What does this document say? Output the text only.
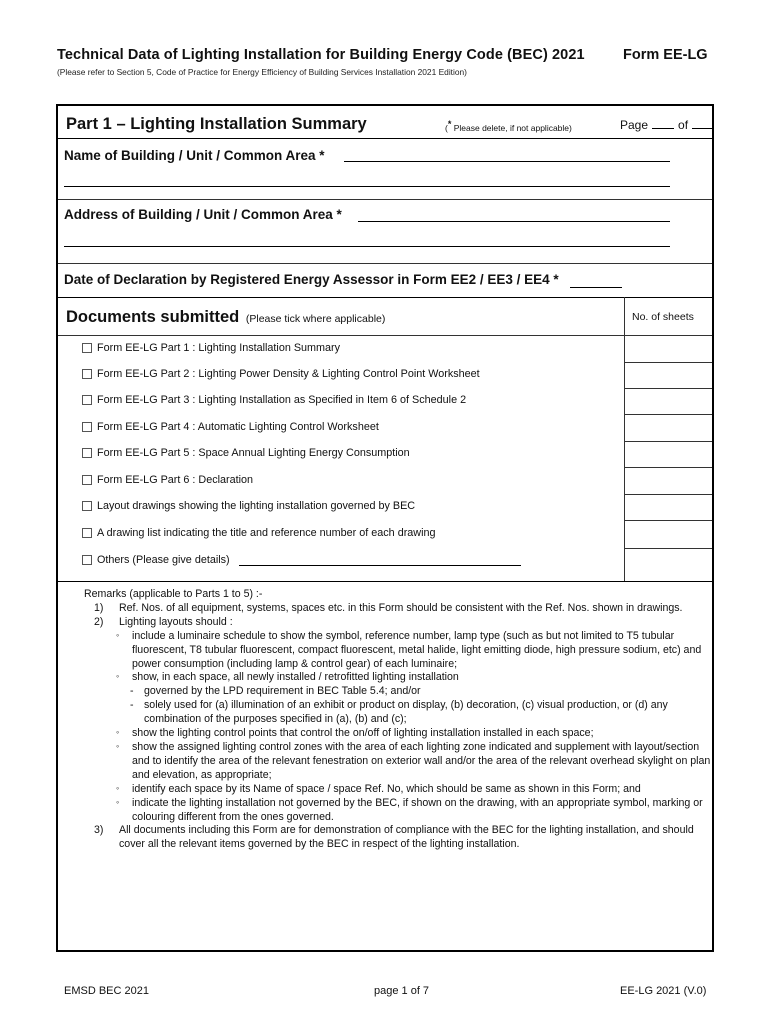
Technical Data of Lighting Installation for Building Energy Code (BEC) 2021	Form EE-LG
(Please refer to Section 5, Code of Practice for Energy Efficiency of Building Services Installation 2021 Edition)
Part 1 – Lighting Installation Summary	(* Please delete, if not applicable)	Page	of
Name of Building / Unit / Common Area *
Address of Building / Unit / Common Area *
Date of Declaration by Registered Energy Assessor in Form EE2 / EE3 / EE4 *
Documents submitted (Please tick where applicable)	No. of sheets
Form EE-LG Part 1 : Lighting Installation Summary
Form EE-LG Part 2 : Lighting Power Density & Lighting Control Point Worksheet
Form EE-LG Part 3 : Lighting Installation as Specified in Item 6 of Schedule 2
Form EE-LG Part 4 : Automatic Lighting Control Worksheet
Form EE-LG Part 5 : Space Annual Lighting Energy Consumption
Form EE-LG Part 6 : Declaration
Layout drawings showing the lighting installation governed by BEC
A drawing list indicating the title and reference number of each drawing
Others (Please give details)
Remarks (applicable to Parts 1 to 5) :-
1) Ref. Nos. of all equipment, systems, spaces etc. in this Form should be consistent with the Ref. Nos. shown in drawings.
2) Lighting layouts should :
◦ include a luminaire schedule to show the symbol, reference number, lamp type (such as but not limited to T5 tubular fluorescent, T8 tubular fluorescent, compact fluorescent, metal halide, light emitting diode, high pressure sodium, etc) and power consumption (including lamp & control gear) of each luminaire;
◦ show, in each space, all newly installed / retrofitted lighting installation
- governed by the LPD requirement in BEC Table 5.4; and/or
- solely used for (a) illumination of an exhibit or product on display, (b) decoration, (c) visual production, or (d) any combination of the purposes specified in (a), (b) and (c);
◦ show the lighting control points that control the on/off of lighting installation installed in each space;
◦ show the assigned lighting control zones with the area of each lighting zone indicated and supplement with layout/section and to identify the area of the relevant fenestration on exterior wall and/or the area of the relevant overhead skylight on plan and elevation, as appropriate;
◦ identify each space by its Name of space / space Ref. No, which should be same as shown in this Form; and
◦ indicate the lighting installation not governed by the BEC, if shown on the drawing, with an appropriate symbol, marking or colouring different from the ones governed.
3) All documents including this Form are for demonstration of compliance with the BEC for the lighting installation, and should cover all the relevant items governed by the BEC in respect of the lighting installation.
EMSD BEC 2021	page 1 of 7	EE-LG 2021 (V.0)
